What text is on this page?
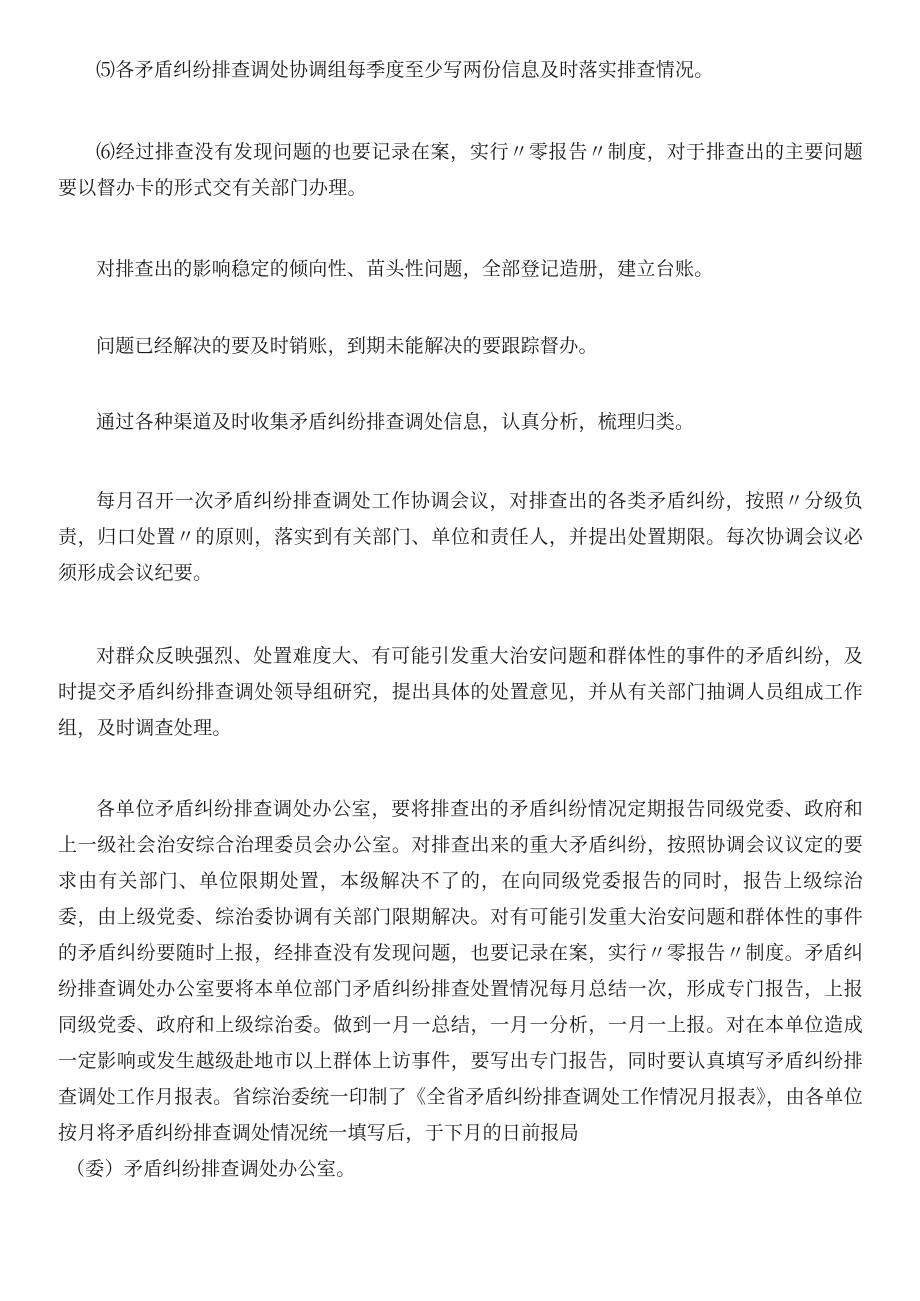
⑸各矛盾纠纷排查调处协调组每季度至少写两份信息及时落实排查情况。

⑹经过排查没有发现问题的也要记录在案，实行〃零报告〃制度，对于排查出的主要问题要以督办卡的形式交有关部门办理。

对排查出的影响稳定的倾向性、苗头性问题，全部登记造册，建立台账。

问题已经解决的要及时销账，到期未能解决的要跟踪督办。

通过各种渠道及时收集矛盾纠纷排查调处信息，认真分析，梳理归类。

每月召开一次矛盾纠纷排查调处工作协调会议，对排查出的各类矛盾纠纷，按照〃分级负责，归口处置〃的原则，落实到有关部门、单位和责任人，并提出处置期限。每次协调会议必须形成会议纪要。

对群众反映强烈、处置难度大、有可能引发重大治安问题和群体性的事件的矛盾纠纷，及时提交矛盾纠纷排查调处领导组研究，提出具体的处置意见，并从有关部门抽调人员组成工作组，及时调查处理。

各单位矛盾纠纷排查调处办公室，要将排查出的矛盾纠纷情况定期报告同级党委、政府和上一级社会治安综合治理委员会办公室。对排查出来的重大矛盾纠纷，按照协调会议议定的要求由有关部门、单位限期处置，本级解决不了的，在向同级党委报告的同时，报告上级综治委，由上级党委、综治委协调有关部门限期解决。对有可能引发重大治安问题和群体性的事件的矛盾纠纷要随时上报，经排查没有发现问题，也要记录在案，实行〃零报告〃制度。矛盾纠纷排查调处办公室要将本单位部门矛盾纠纷排查处置情况每月总结一次，形成专门报告，上报同级党委、政府和上级综治委。做到一月一总结，一月一分析，一月一上报。对在本单位造成一定影响或发生越级赴地市以上群体上访事件，要写出专门报告，同时要认真填写矛盾纠纷排查调处工作月报表。省综治委统一印制了《全省矛盾纠纷排查调处工作情况月报表》，由各单位按月将矛盾纠纷排查调处情况统一填写后，于下月的日前报局
（委）矛盾纠纷排查调处办公室。
